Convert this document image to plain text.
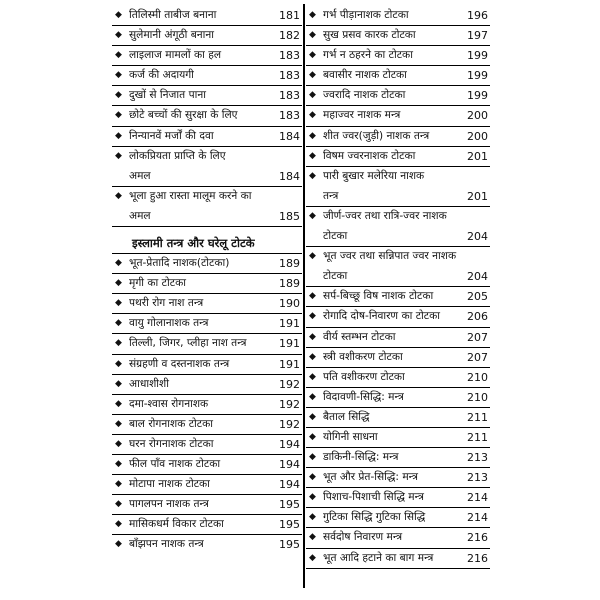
◆ तिलिस्मी ताबीज बनाना	181
◆ सुलेमानी अंगूठी बनाना	182
◆ लाइलाज मामलों का हल	183
◆ कर्ज की अदायगी	183
◆ दुखों से निजात पाना	183
◆ छोटे बच्चों की सुरक्षा के लिए	183
◆ निन्यानवें मर्जों की दवा	184
◆ लोकप्रियता प्राप्ति के लिए
अमल	184
◆ भूला हुआ रास्ता मालूम करने का
अमल	185
इस्लामी तन्त्र और घरेलू टोटके
◆ भूत-प्रेतादि नाशक(टोटका)	189
◆ मृगी का टोटका	189
◆ पथरी रोग नाश तन्त्र	190
◆ वायु गोलानाशक तन्त्र	191
◆ तिल्ली, जिगर, प्लीहा नाश तन्त्र	191
◆ संग्रहणी व दस्तनाशक तन्त्र	191
◆ आधाशीशी	192
◆ दमा-श्वास रोगनाशक	192
◆ बाल रोगनाशक टोटका	192
◆ घरन रोगनाशक टोटका	194
◆ फील पाँव नाशक टोटका	194
◆ मोटापा नाशक टोटका	194
◆ पागलपन नाशक तन्त्र	195
◆ मासिकधर्म विकार टोटका	195
◆ बाँझपन नाशक तन्त्र	195
◆ गर्भ पीड़ानाशक टोटका	196
◆ सुख प्रसव कारक टोटका	197
◆ गर्भ न ठहरने का टोटका	199
◆ बवासीर नाशक टोटका	199
◆ ज्वरादि नाशक टोटका	199
◆ महाज्वर नाशक मन्त्र	200
◆ शीत ज्वर(जुड़ी) नाशक तन्त्र	200
◆ विषम ज्वरनाशक टोटका	201
◆ पारी बुखार मलेरिया नाशक
तन्त्र	201
◆ जीर्ण-ज्वर तथा रात्रि-ज्वर नाशक
टोटका	204
◆ भूत ज्वर तथा सन्निपात ज्वर नाशक
टोटका	204
◆ सर्प-बिच्छू विष नाशक टोटका	205
◆ रोगादि दोष-निवारण का टोटका 206
◆ वीर्य स्तम्भन टोटका	207
◆ स्त्री वशीकरण टोटका	207
◆ पति वशीकरण टोटका	210
◆ विदावणी-सिद्धि: मन्त्र	210
◆ बैताल सिद्धि	211
◆ योगिनी साधना	211
◆ डाकिनी-सिद्धि: मन्त्र	213
◆ भूत और प्रेत-सिद्धि: मन्त्र	213
◆ पिशाच-पिशाची सिद्धि मन्त्र	214
◆ गुटिका सिद्धि गुटिका सिद्धि	214
◆ सर्वदोष निवारण मन्त्र	216
◆ भूत आदि हटाने का बाग मन्त्र	216
